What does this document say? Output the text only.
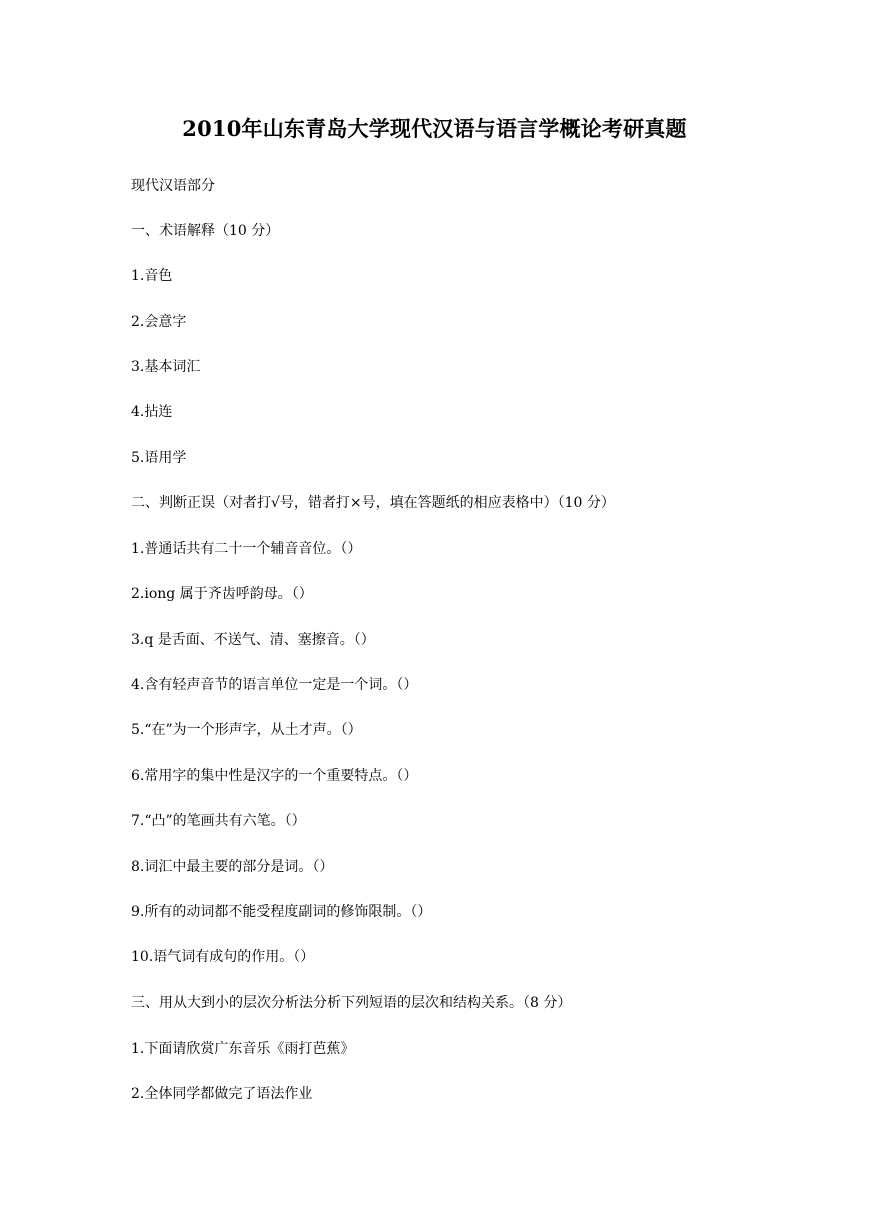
2010年山东青岛大学现代汉语与语言学概论考研真题
现代汉语部分
一、术语解释（10 分）
1.音色
2.会意字
3.基本词汇
4.拈连
5.语用学
二、判断正误（对者打√号，错者打×号，填在答题纸的相应表格中）（10 分）
1.普通话共有二十一个辅音音位。（）
2.iong 属于齐齿呼韵母。（）
3.q 是舌面、不送气、清、塞擦音。（）
4.含有轻声音节的语言单位一定是一个词。（）
5.“在”为一个形声字，从土才声。（）
6.常用字的集中性是汉字的一个重要特点。（）
7.“凸”的笔画共有六笔。（）
8.词汇中最主要的部分是词。（）
9.所有的动词都不能受程度副词的修饰限制。（）
10.语气词有成句的作用。（）
三、用从大到小的层次分析法分析下列短语的层次和结构关系。（8 分）
1.下面请欣赏广东音乐《雨打芭蕉》
2.全体同学都做完了语法作业
